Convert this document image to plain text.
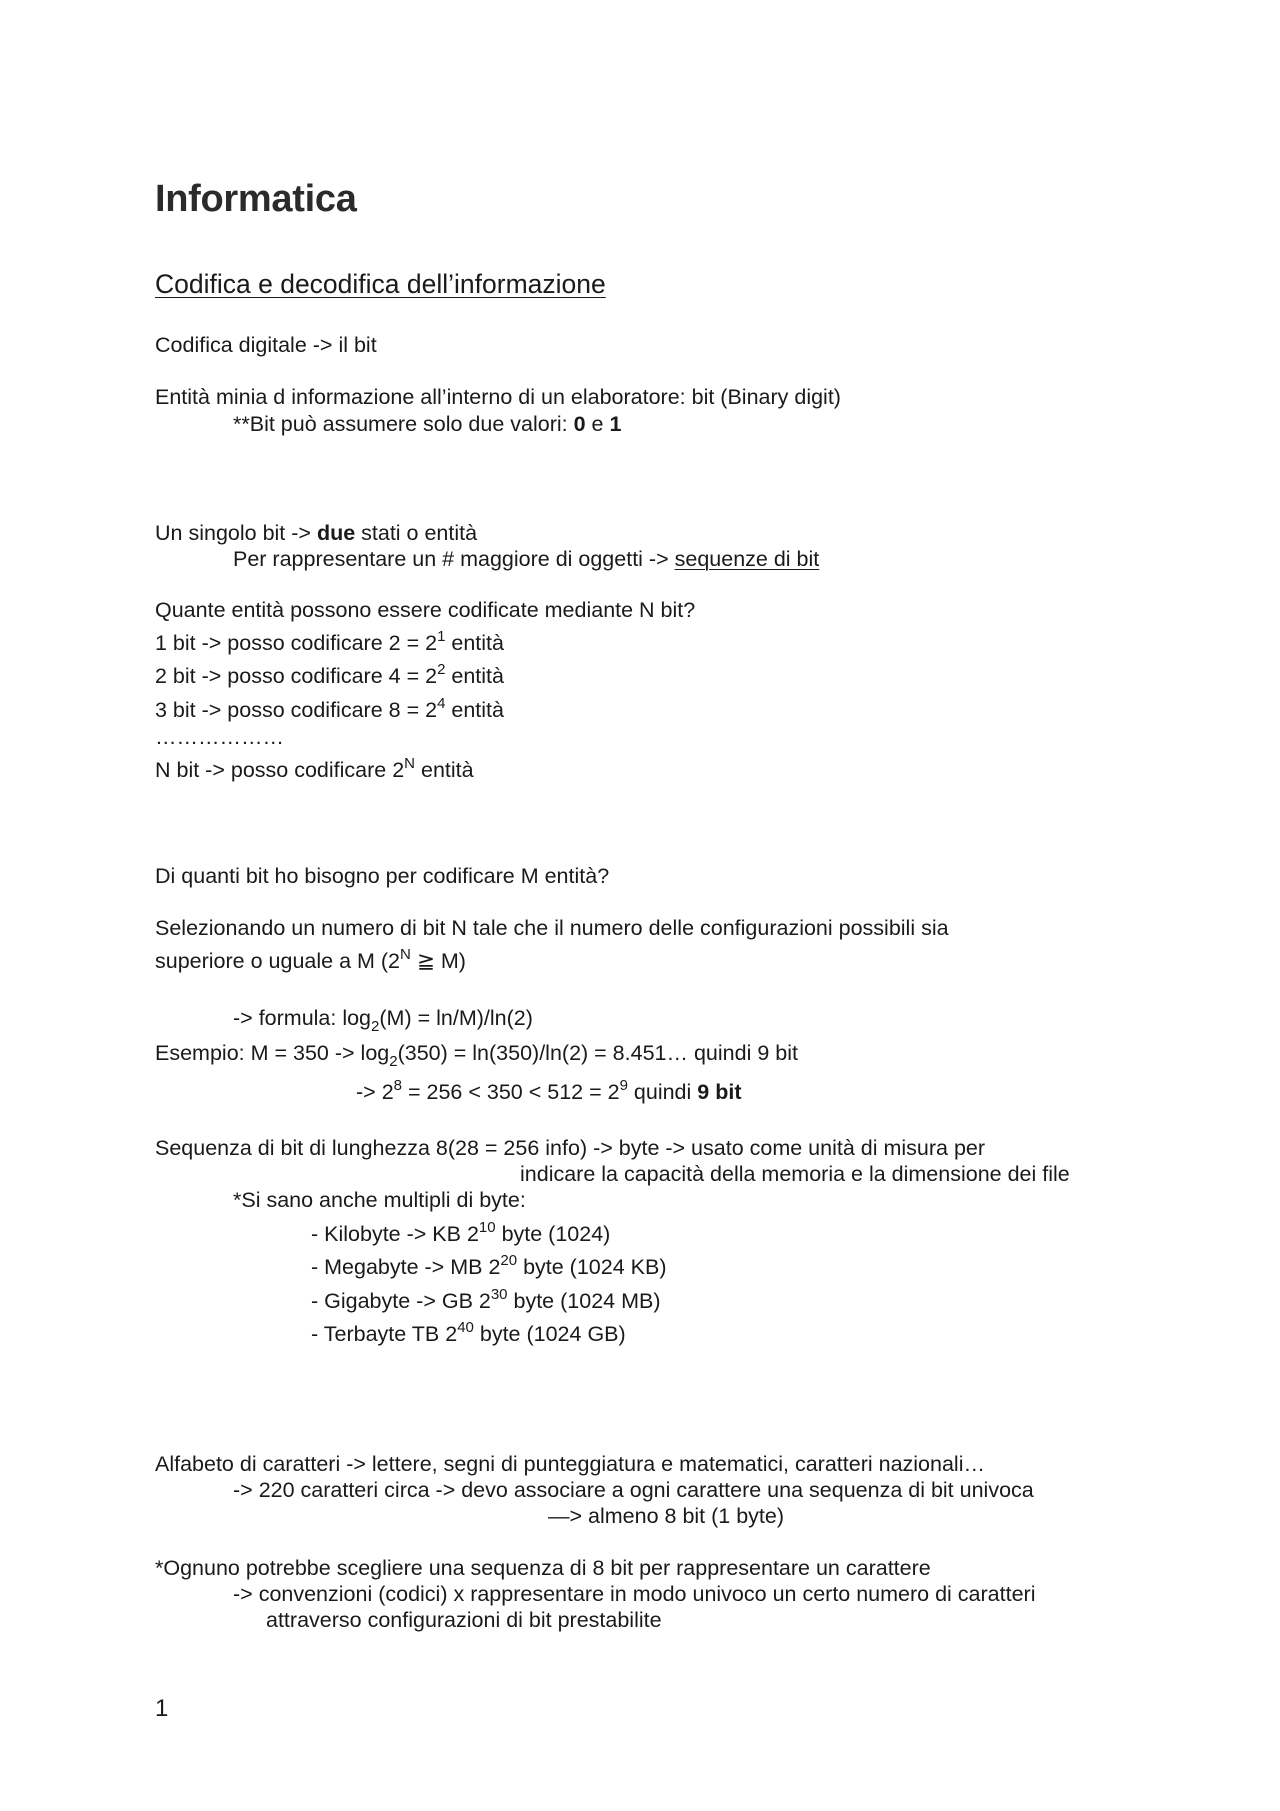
Informatica
Codifica e decodifica dell’informazione
Codifica digitale -> il bit
Entità minia d informazione all’interno di un elaboratore: bit (Binary digit)
**Bit può assumere solo due valori: 0 e 1
Un singolo bit -> due stati o entità
Per rappresentare un # maggiore di oggetti -> sequenze di bit
Quante entità possono essere codificate mediante N bit?
1 bit -> posso codificare $2 = 2^1$ entità
2 bit -> posso codificare $4 = 2^2$ entità
3 bit -> posso codificare $8 = 2^4$ entità
………………
N bit -> posso codificare $2^N$ entità
Di quanti bit ho bisogno per codificare M entità?
Selezionando un numero di bit N tale che il numero delle configurazioni possibili sia
superiore o uguale a M ($2^N$ ≧ M)
-> formula: $\log_2(M) = \ln/M)/\ln(2)$
Esempio: $M = 350 -> \log_2(350) = \ln(350)/\ln(2)$ = 8.451… quindi 9 bit
-> $2^8 = 256 < 350 < 512 = 2^9$ quindi 9 bit
Sequenza di bit di lunghezza 8(28 = 256 info) -> byte -> usato come unità di misura per
indicare la capacità della memoria e la dimensione dei file
*Si sano anche multipli di byte:
- Kilobyte -> KB $2^{10}$ byte (1024)
- Megabyte -> MB $2^{20}$ byte (1024 KB)
- Gigabyte -> GB $2^{30}$ byte (1024 MB)
- Terbayte TB $2^{40}$ byte (1024 GB)
Alfabeto di caratteri -> lettere, segni di punteggiatura e matematici, caratteri nazionali…
-> 220 caratteri circa -> devo associare a ogni carattere una sequenza di bit univoca
—> almeno 8 bit (1 byte)
*Ognuno potrebbe scegliere una sequenza di 8 bit per rappresentare un carattere
-> convenzioni (codici) x rappresentare in modo univoco un certo numero di caratteri
attraverso configurazioni di bit prestabilite
1
